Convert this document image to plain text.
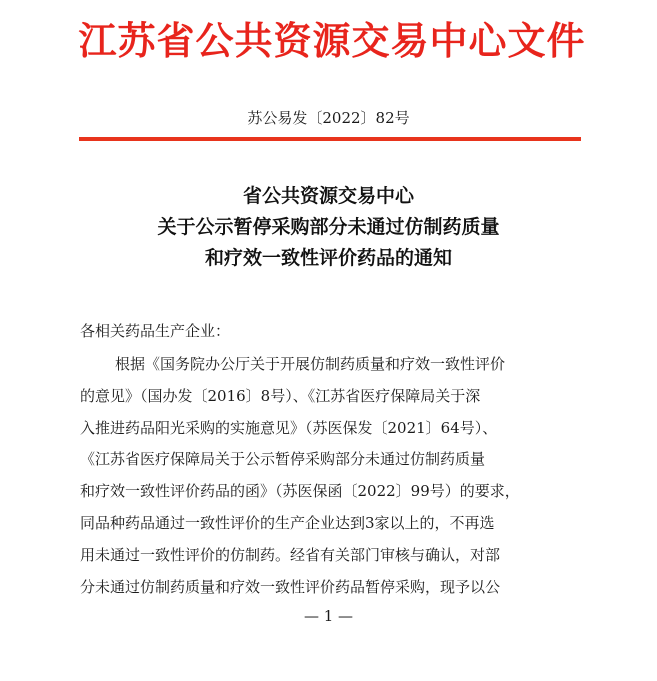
江苏省公共资源交易中心文件
苏公易发〔2022〕82号
省公共资源交易中心
关于公示暂停采购部分未通过仿制药质量
和疗效一致性评价药品的通知
各相关药品生产企业：
根据《国务院办公厅关于开展仿制药质量和疗效一致性评价
的意见》（国办发〔2016〕8号）、《江苏省医疗保障局关于深
入推进药品阳光采购的实施意见》（苏医保发〔2021〕64号）、
《江苏省医疗保障局关于公示暂停采购部分未通过仿制药质量
和疗效一致性评价药品的函》（苏医保函〔2022〕99号）的要求，
同品种药品通过一致性评价的生产企业达到3家以上的，不再选
用未通过一致性评价的仿制药。经省有关部门审核与确认，对部
分未通过仿制药质量和疗效一致性评价药品暂停采购，现予以公
— 1 —
